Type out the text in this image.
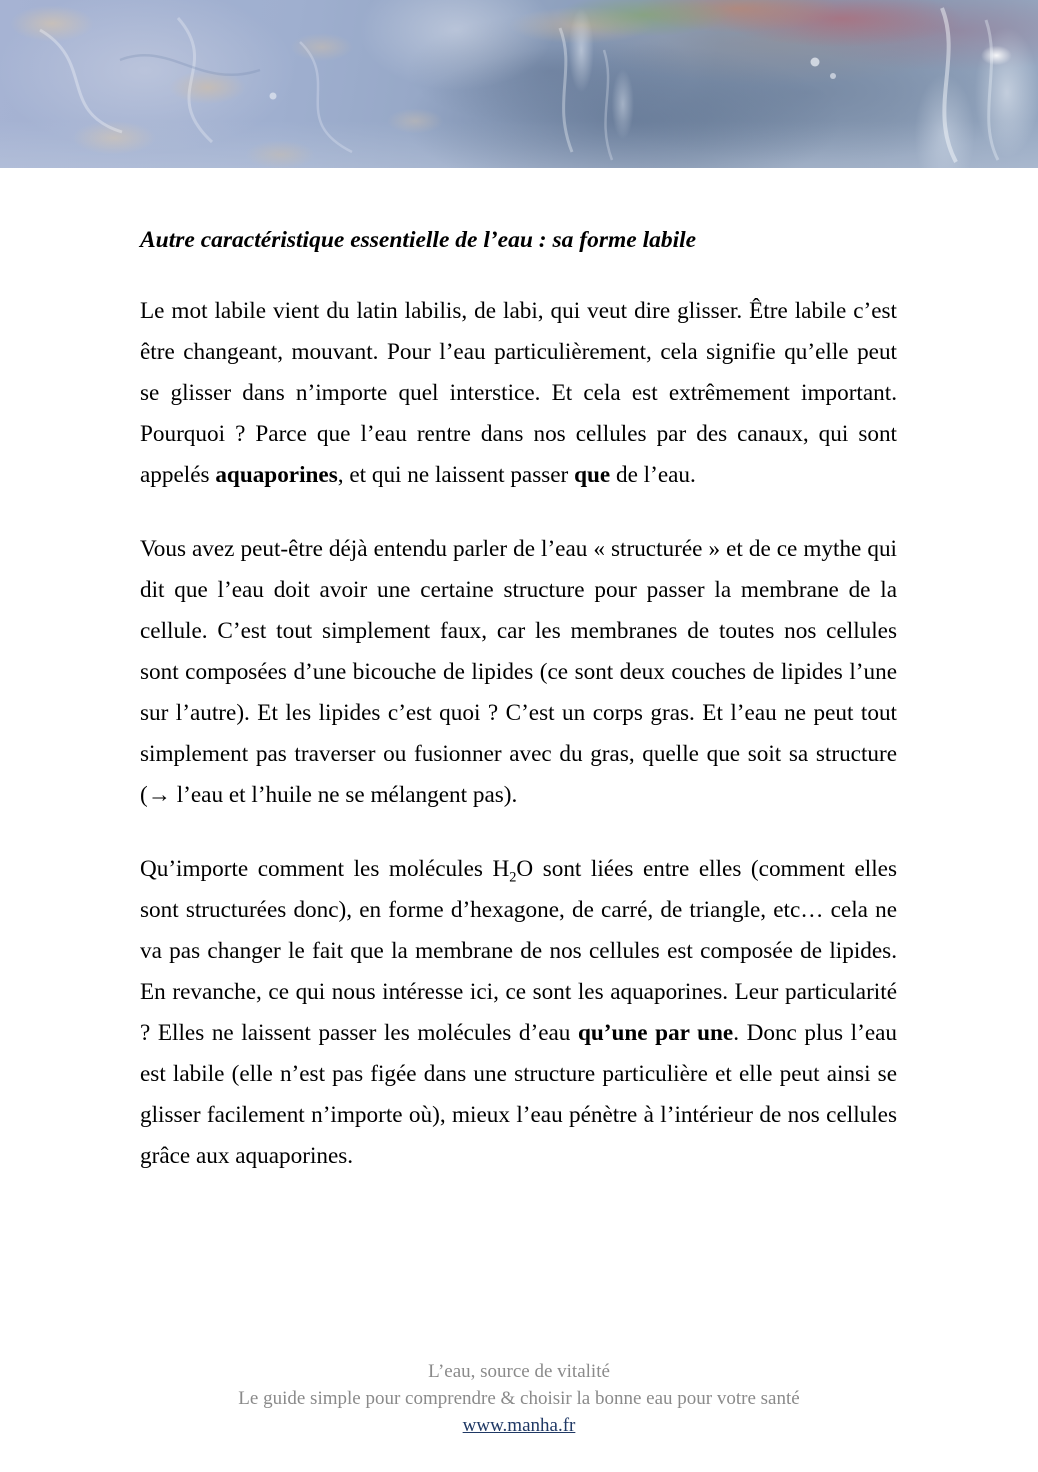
Autre caractéristique essentielle de l’eau : sa forme labile

Le mot labile vient du latin labilis, de labi, qui veut dire glisser. Être labile c’est être changeant, mouvant. Pour l’eau particulièrement, cela signifie qu’elle peut se glisser dans n’importe quel interstice. Et cela est extrêmement important. Pourquoi ? Parce que l’eau rentre dans nos cellules par des canaux, qui sont appelés aquaporines, et qui ne laissent passer que de l’eau.

Vous avez peut-être déjà entendu parler de l’eau « structurée » et de ce mythe qui dit que l’eau doit avoir une certaine structure pour passer la membrane de la cellule. C’est tout simplement faux, car les membranes de toutes nos cellules sont composées d’une bicouche de lipides (ce sont deux couches de lipides l’une sur l’autre). Et les lipides c’est quoi ? C’est un corps gras. Et l’eau ne peut tout simplement pas traverser ou fusionner avec du gras, quelle que soit sa structure (→ l’eau et l’huile ne se mélangent pas).

Qu’importe comment les molécules $H_2O$ sont liées entre elles (comment elles sont structurées donc), en forme d’hexagone, de carré, de triangle, etc… cela ne va pas changer le fait que la membrane de nos cellules est composée de lipides. En revanche, ce qui nous intéresse ici, ce sont les aquaporines. Leur particularité ? Elles ne laissent passer les molécules d’eau qu’une par une. Donc plus l’eau est labile (elle n’est pas figée dans une structure particulière et elle peut ainsi se glisser facilement n’importe où), mieux l’eau pénètre à l’intérieur de nos cellules grâce aux aquaporines.

L’eau, source de vitalité
Le guide simple pour comprendre & choisir la bonne eau pour votre santé
www.manha.fr
